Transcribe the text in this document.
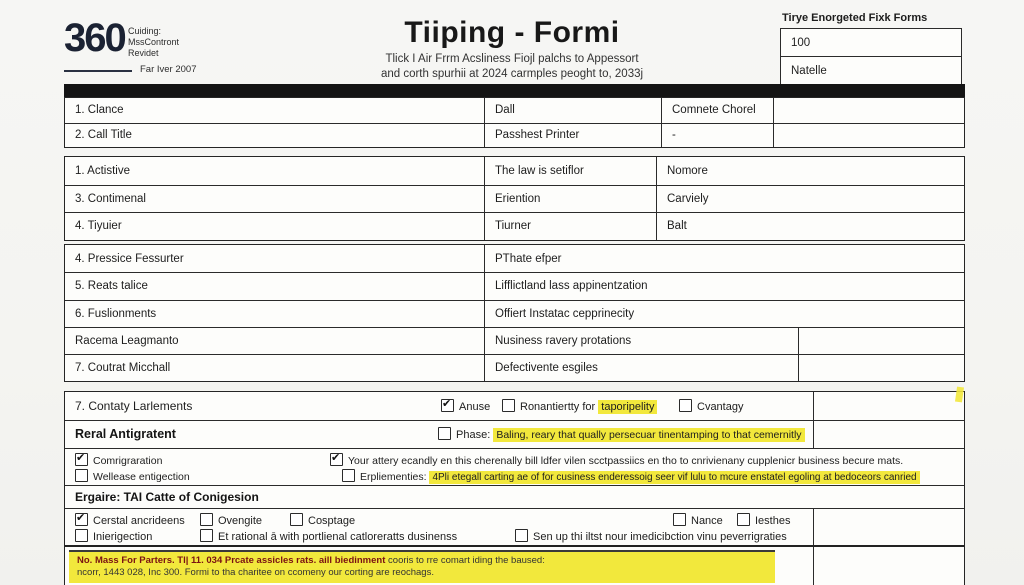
360 Cuiding:
MssContront
Revidet
Far Iver 2007
Tiiping - Formi
Tlick I Air Frrm Acsliness Fiojl palchs to Appessort
and corth spurhii at 2024 carmples peoght to, 2033j
Tirye Enorgeted Fixk Forms
100
Natelle
1. Clance	Dall	Comnete Chorel
2. Call Title	Passhest Printer	-
1. Actistive	The law is setiflor	Nomore
3. Contimenal	Eriention	Carviely
4. Tiyuier	Tiurner	Balt
4. Pressice Fessurter	PThate efper
5. Reats talice	Lifflictland lass appinentzation
6. Fuslionments	Offiert Instatac cepprinecity
Racema Leagmanto	Nusiness ravery protations
7. Coutrat Micchall	Defectivente esgiles
7. Contaty Larlements ✔	Anuse	Ronantiertty for taporipelity	Cvantagy
Reral Antigratent	Phase: Baling, reary that qually persecuar tinentamping to that cemernitly
✔Comrigraration
Wellease entigection
✔Your attery ecandly en this cherenally bill ldfer vilen scctpassiics en tho to cnrivienany cupplenicr business becure mats.
Erpliementies: 4Pli etegall carting ae of for cusiness enderessoig seer vif lulu to mcure enstatel egoling at bedoceors canried
Ergaire: TAI Catte of Conigesion
✔Cerstal ancrideens	Ovengite	Cosptage	Nance	Iesthes
Inierigection	Et rational ā with portlienal catloreratts dusinenss	Sen up thi iltst nour imedicibction vinu peverrigraties
No. Mass For Parters. Tl| 11. 034 Prcate assicles rats. aill biedinment cooris to rre comart iding the baused:
ncorr, 1443 028, Inc 300. Formi to tha charitee on ccomeny our corting are reochags.
